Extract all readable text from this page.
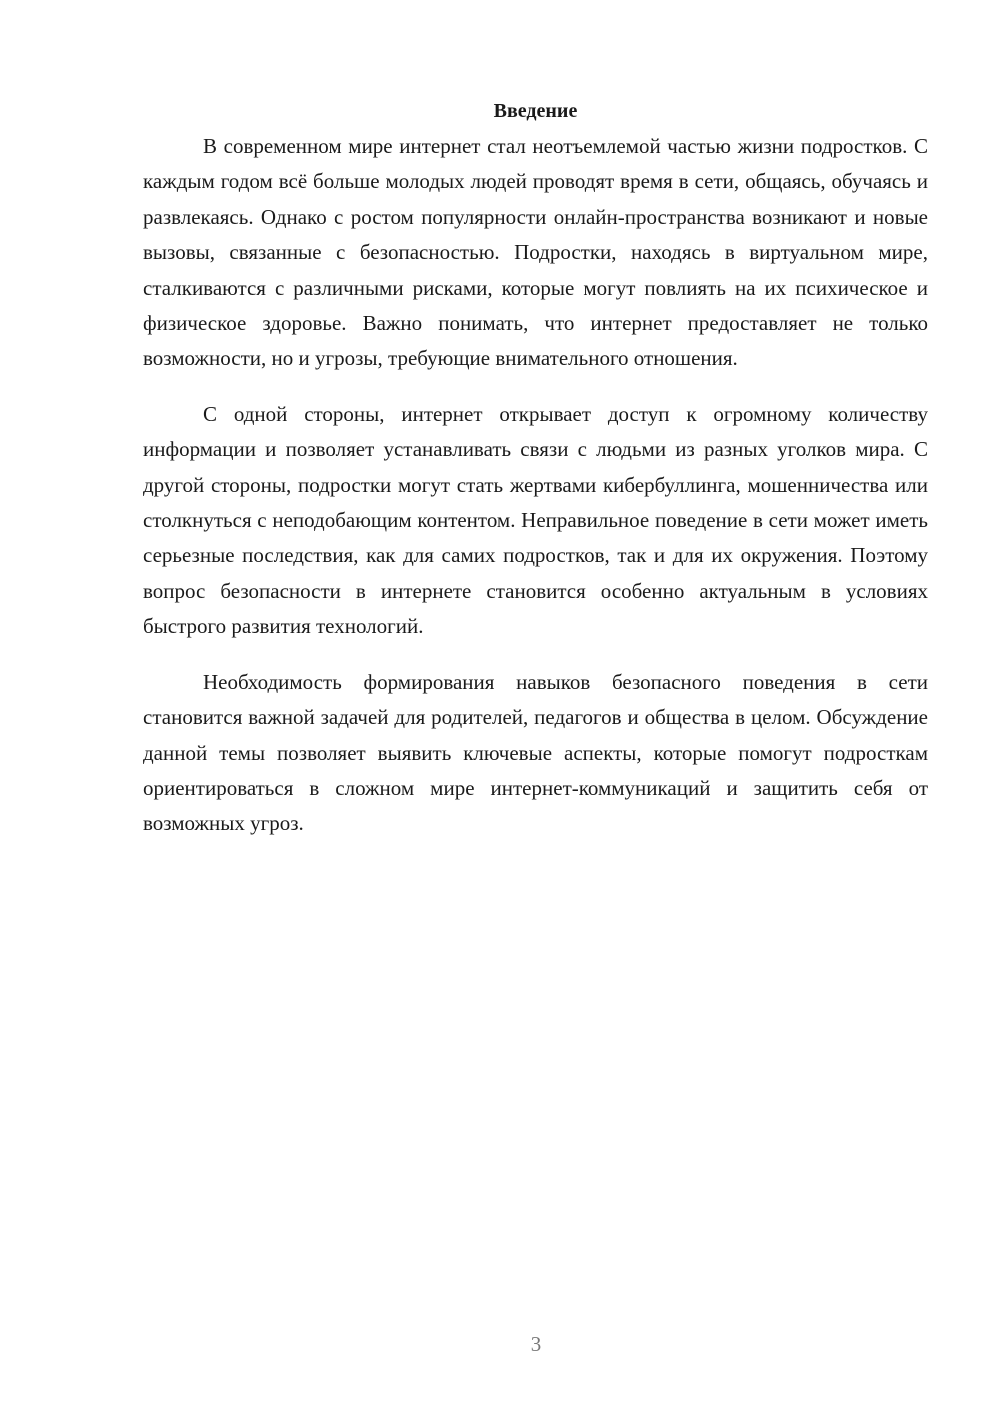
Введение

В современном мире интернет стал неотъемлемой частью жизни подростков. С каждым годом всё больше молодых людей проводят время в сети, общаясь, обучаясь и развлекаясь. Однако с ростом популярности онлайн-пространства возникают и новые вызовы, связанные с безопасностью. Подростки, находясь в виртуальном мире, сталкиваются с различными рисками, которые могут повлиять на их психическое и физическое здоровье. Важно понимать, что интернет предоставляет не только возможности, но и угрозы, требующие внимательного отношения.

С одной стороны, интернет открывает доступ к огромному количеству информации и позволяет устанавливать связи с людьми из разных уголков мира. С другой стороны, подростки могут стать жертвами кибербуллинга, мошенничества или столкнуться с неподобающим контентом. Неправильное поведение в сети может иметь серьезные последствия, как для самих подростков, так и для их окружения. Поэтому вопрос безопасности в интернете становится особенно актуальным в условиях быстрого развития технологий.

Необходимость формирования навыков безопасного поведения в сети становится важной задачей для родителей, педагогов и общества в целом. Обсуждение данной темы позволяет выявить ключевые аспекты, которые помогут подросткам ориентироваться в сложном мире интернет-коммуникаций и защитить себя от возможных угроз.

3
